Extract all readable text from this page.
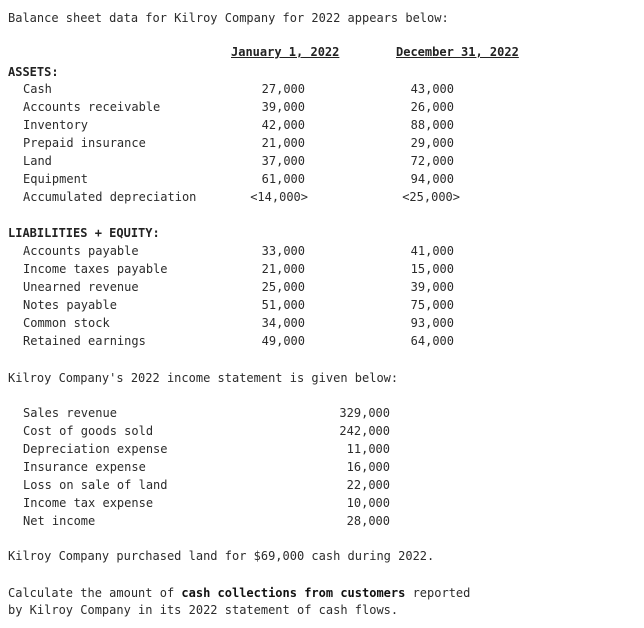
Balance sheet data for Kilroy Company for 2022 appears below:
January 1, 2022	December 31, 2022
ASSETS:
Cash	27,000	43,000
Accounts receivable	39,000	26,000
Inventory	42,000	88,000
Prepaid insurance	21,000	29,000
Land	37,000	72,000
Equipment	61,000	94,000
Accumulated depreciation	<14,000>	<25,000>
LIABILITIES + EQUITY:
Accounts payable	33,000	41,000
Income taxes payable	21,000	15,000
Unearned revenue	25,000	39,000
Notes payable	51,000	75,000
Common stock	34,000	93,000
Retained earnings	49,000	64,000
Kilroy Company's 2022 income statement is given below:
Sales revenue	329,000
Cost of goods sold	242,000
Depreciation expense	11,000
Insurance expense	16,000
Loss on sale of land	22,000
Income tax expense	10,000
Net income	28,000
Kilroy Company purchased land for $69,000 cash during 2022.
Calculate the amount of cash collections from customers reported
by Kilroy Company in its 2022 statement of cash flows.
